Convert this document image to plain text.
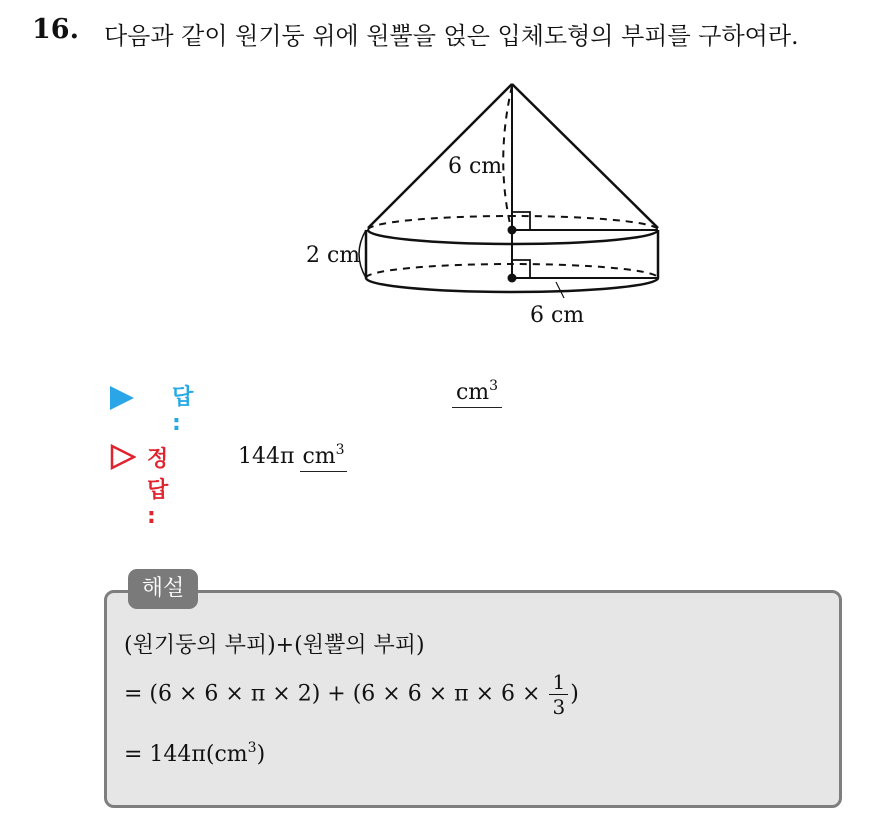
16. 다음과 같이 원기둥 위에 원뿔을 얹은 입체도형의 부피를 구하여라.
6 cm
2 cm
6 cm
답 :
$cm^3$
정답 :
144π $cm^3$
해설
(원기둥의 부피)+(원뿔의 부피)
= $(6 \times 6 \times \pi \times 2) + (6 \times 6 \times \pi \times 6 \times \frac{1}{3}$ )
= $144\pi(cm^3)$
